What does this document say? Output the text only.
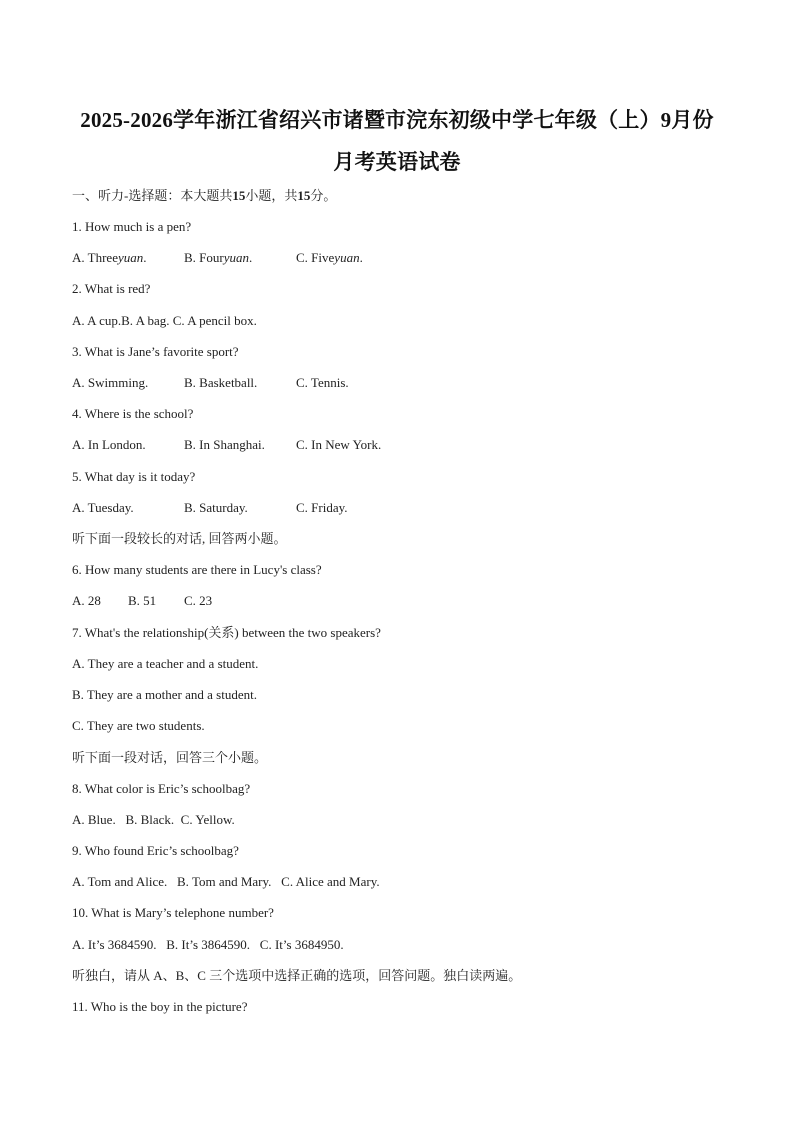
2025-2026学年浙江省绍兴市诸暨市浣东初级中学七年级（上）9月份
月考英语试卷
一、听力-选择题：本大题共15小题，共15分。
1. How much is a pen?
A. Threeyuan.	B. Fouryuan.	C. Fiveyuan.
2. What is red?
A. A cup.B. A bag. C. A pencil box.
3. What is Jane’s favorite sport?
A. Swimming.	B. Basketball.	C. Tennis.
4. Where is the school?
A. In London.	B. In Shanghai. C. In New York.
5. What day is it today?
A. Tuesday.	B. Saturday.	C. Friday.
听下面一段较长的对话, 回答两小题。
6. How many students are there in Lucy's class?
A. 28 B. 51 C. 23
7. What's the relationship(关系) between the two speakers?
A. They are a teacher and a student.
B. They are a mother and a student.
C. They are two students.
听下面一段对话，回答三个小题。
8. What color is Eric’s schoolbag?
A. Blue.   B. Black.  C. Yellow.
9. Who found Eric’s schoolbag?
A. Tom and Alice.   B. Tom and Mary.   C. Alice and Mary.
10. What is Mary’s telephone number?
A. It’s 3684590.   B. It’s 3864590.   C. It’s 3684950.
听独白，请从 A、B、C 三个选项中选择正确的选项，回答问题。独白读两遍。
11. Who is the boy in the picture?
